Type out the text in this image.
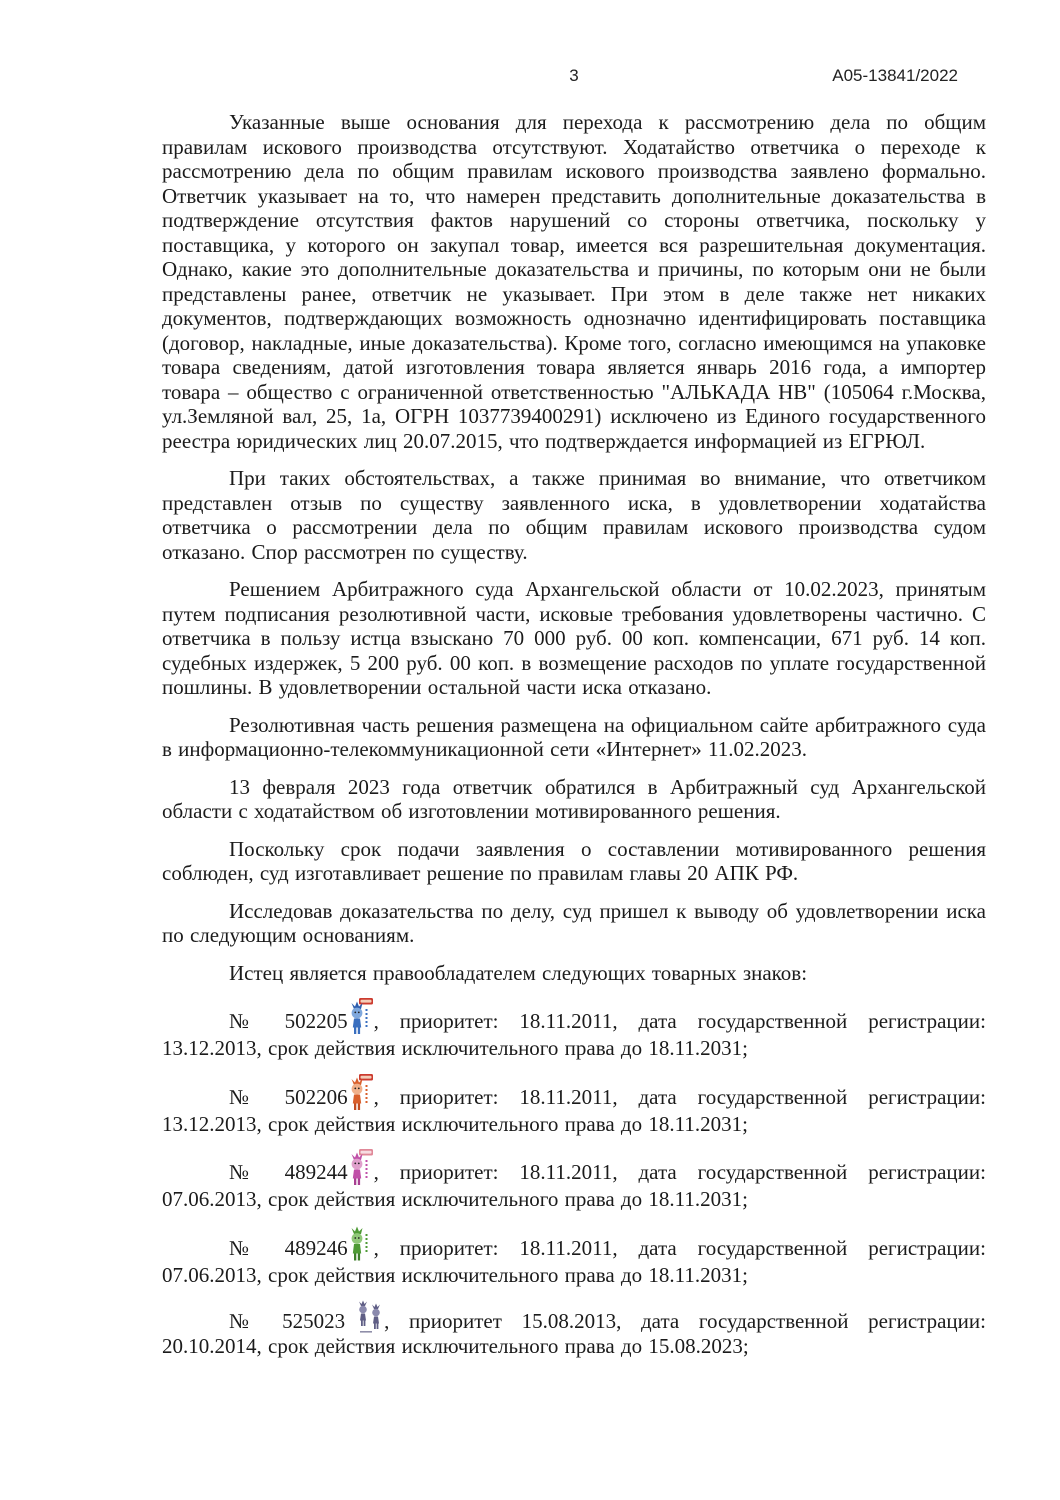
3	А05-13841/2022

Указанные выше основания для перехода к рассмотрению дела по общим правилам искового производства отсутствуют. Ходатайство ответчика о переходе к рассмотрению дела по общим правилам искового производства заявлено формально. Ответчик указывает на то, что намерен представить дополнительные доказательства в подтверждение отсутствия фактов нарушений со стороны ответчика, поскольку у поставщика, у которого он закупал товар, имеется вся разрешительная документация. Однако, какие это дополнительные доказательства и причины, по которым они не были представлены ранее, ответчик не указывает. При этом в деле также нет никаких документов, подтверждающих возможность однозначно идентифицировать поставщика (договор, накладные, иные доказательства). Кроме того, согласно имеющимся на упаковке товара сведениям, датой изготовления товара является январь 2016 года, а импортер товара – общество с ограниченной ответственностью "АЛЬКАДА НВ" (105064 г.Москва, ул.Земляной вал, 25, 1а, ОГРН 1037739400291) исключено из Единого государственного реестра юридических лиц 20.07.2015, что подтверждается информацией из ЕГРЮЛ.

При таких обстоятельствах, а также принимая во внимание, что ответчиком представлен отзыв по существу заявленного иска, в удовлетворении ходатайства ответчика о рассмотрении дела по общим правилам искового производства судом отказано. Спор рассмотрен по существу.

Решением Арбитражного суда Архангельской области от 10.02.2023, принятым путем подписания резолютивной части, исковые требования удовлетворены частично. С ответчика в пользу истца взыскано 70 000 руб. 00 коп. компенсации, 671 руб. 14 коп. судебных издержек, 5 200 руб. 00 коп. в возмещение расходов по уплате государственной пошлины. В удовлетворении остальной части иска отказано.

Резолютивная часть решения размещена на официальном сайте арбитражного суда в информационно-телекоммуникационной сети «Интернет» 11.02.2023.

13 февраля 2023 года ответчик обратился в Арбитражный суд Архангельской области с ходатайством об изготовлении мотивированного решения.

Поскольку срок подачи заявления о составлении мотивированного решения соблюден, суд изготавливает решение по правилам главы 20 АПК РФ.

Исследовав доказательства по делу, суд пришел к выводу об удовлетворении иска по следующим основаниям.

Истец является правообладателем следующих товарных знаков:

№ 502205 , приоритет: 18.11.2011, дата государственной регистрации: 13.12.2013, срок действия исключительного права до 18.11.2031;

№ 502206 , приоритет: 18.11.2011, дата государственной регистрации: 13.12.2013, срок действия исключительного права до 18.11.2031;

№ 489244 , приоритет: 18.11.2011, дата государственной регистрации: 07.06.2013, срок действия исключительного права до 18.11.2031;

№ 489246 , приоритет: 18.11.2011, дата государственной регистрации: 07.06.2013, срок действия исключительного права до 18.11.2031;

№ 525023 , приоритет 15.08.2013, дата государственной регистрации: 20.10.2014, срок действия исключительного права до 15.08.2023;
